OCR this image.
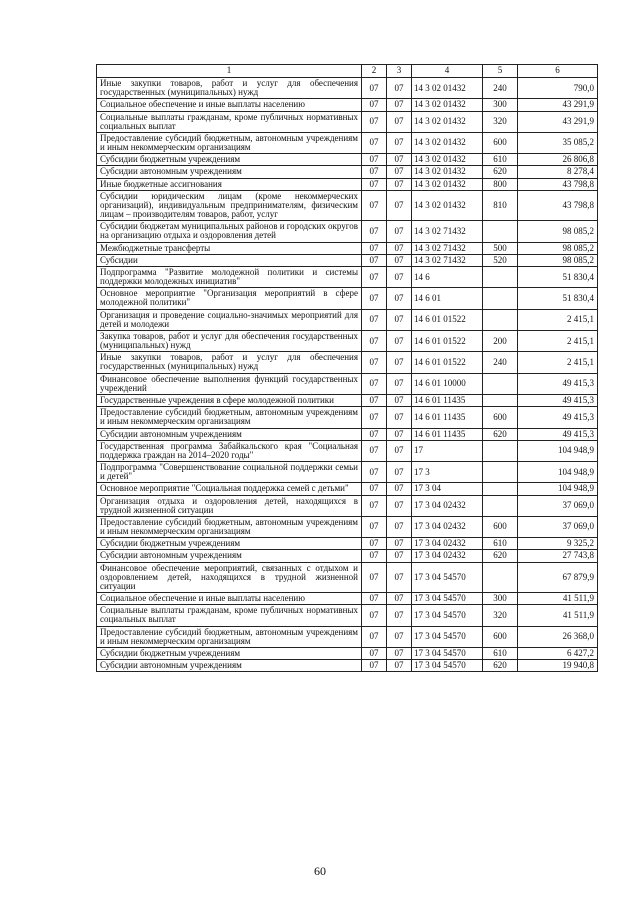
1	2	3	4	5	6
Иные закупки товаров, работ и услуг для обеспечения государственных (муниципальных) нужд	07	07	14 3 02 01432	240	790,0
Социальное обеспечение и иные выплаты населению	07	07	14 3 02 01432	300	43 291,9
Социальные выплаты гражданам, кроме публичных нормативных социальных выплат	07	07	14 3 02 01432	320	43 291,9
Предоставление субсидий бюджетным, автономным учреждениям и иным некоммерческим организациям	07	07	14 3 02 01432	600	35 085,2
Субсидии бюджетным учреждениям	07	07	14 3 02 01432	610	26 806,8
Субсидии автономным учреждениям	07	07	14 3 02 01432	620	8 278,4
Иные бюджетные ассигнования	07	07	14 3 02 01432	800	43 798,8
Субсидии юридическим лицам (кроме некоммерческих организаций), индивидуальным предпринимателям, физическим лицам – производителям товаров, работ, услуг	07	07	14 3 02 01432	810	43 798,8
Субсидии бюджетам муниципальных районов и городских округов на организацию отдыха и оздоровления детей	07	07	14 3 02 71432		98 085,2
Межбюджетные трансферты	07	07	14 3 02 71432	500	98 085,2
Субсидии	07	07	14 3 02 71432	520	98 085,2
Подпрограмма "Развитие молодежной политики и системы поддержки молодежных инициатив"	07	07	14 6		51 830,4
Основное мероприятие "Организация мероприятий в сфере молодежной политики"	07	07	14 6 01		51 830,4
Организация и проведение социально-значимых мероприятий для детей и молодежи	07	07	14 6 01 01522		2 415,1
Закупка товаров, работ и услуг для обеспечения государственных (муниципальных) нужд	07	07	14 6 01 01522	200	2 415,1
Иные закупки товаров, работ и услуг для обеспечения государственных (муниципальных) нужд	07	07	14 6 01 01522	240	2 415,1
Финансовое обеспечение выполнения функций государственных учреждений	07	07	14 6 01 10000		49 415,3
Государственные учреждения в сфере молодежной политики	07	07	14 6 01 11435		49 415,3
Предоставление субсидий бюджетным, автономным учреждениям и иным некоммерческим организациям	07	07	14 6 01 11435	600	49 415,3
Субсидии автономным учреждениям	07	07	14 6 01 11435	620	49 415,3
Государственная программа Забайкальского края "Социальная поддержка граждан на 2014–2020 годы"	07	07	17		104 948,9
Подпрограмма "Совершенствование социальной поддержки семьи и детей"	07	07	17 3		104 948,9
Основное мероприятие "Социальная поддержка семей с детьми"	07	07	17 3 04		104 948,9
Организация отдыха и оздоровления детей, находящихся в трудной жизненной ситуации	07	07	17 3 04 02432		37 069,0
Предоставление субсидий бюджетным, автономным учреждениям и иным некоммерческим организациям	07	07	17 3 04 02432	600	37 069,0
Субсидии бюджетным учреждениям	07	07	17 3 04 02432	610	9 325,2
Субсидии автономным учреждениям	07	07	17 3 04 02432	620	27 743,8
Финансовое обеспечение мероприятий, связанных с отдыхом и оздоровлением детей, находящихся в трудной жизненной ситуации	07	07	17 3 04 54570		67 879,9
Социальное обеспечение и иные выплаты населению	07	07	17 3 04 54570	300	41 511,9
Социальные выплаты гражданам, кроме публичных нормативных социальных выплат	07	07	17 3 04 54570	320	41 511,9
Предоставление субсидий бюджетным, автономным учреждениям и иным некоммерческим организациям	07	07	17 3 04 54570	600	26 368,0
Субсидии бюджетным учреждениям	07	07	17 3 04 54570	610	6 427,2
Субсидии автономным учреждениям	07	07	17 3 04 54570	620	19 940,8
60
